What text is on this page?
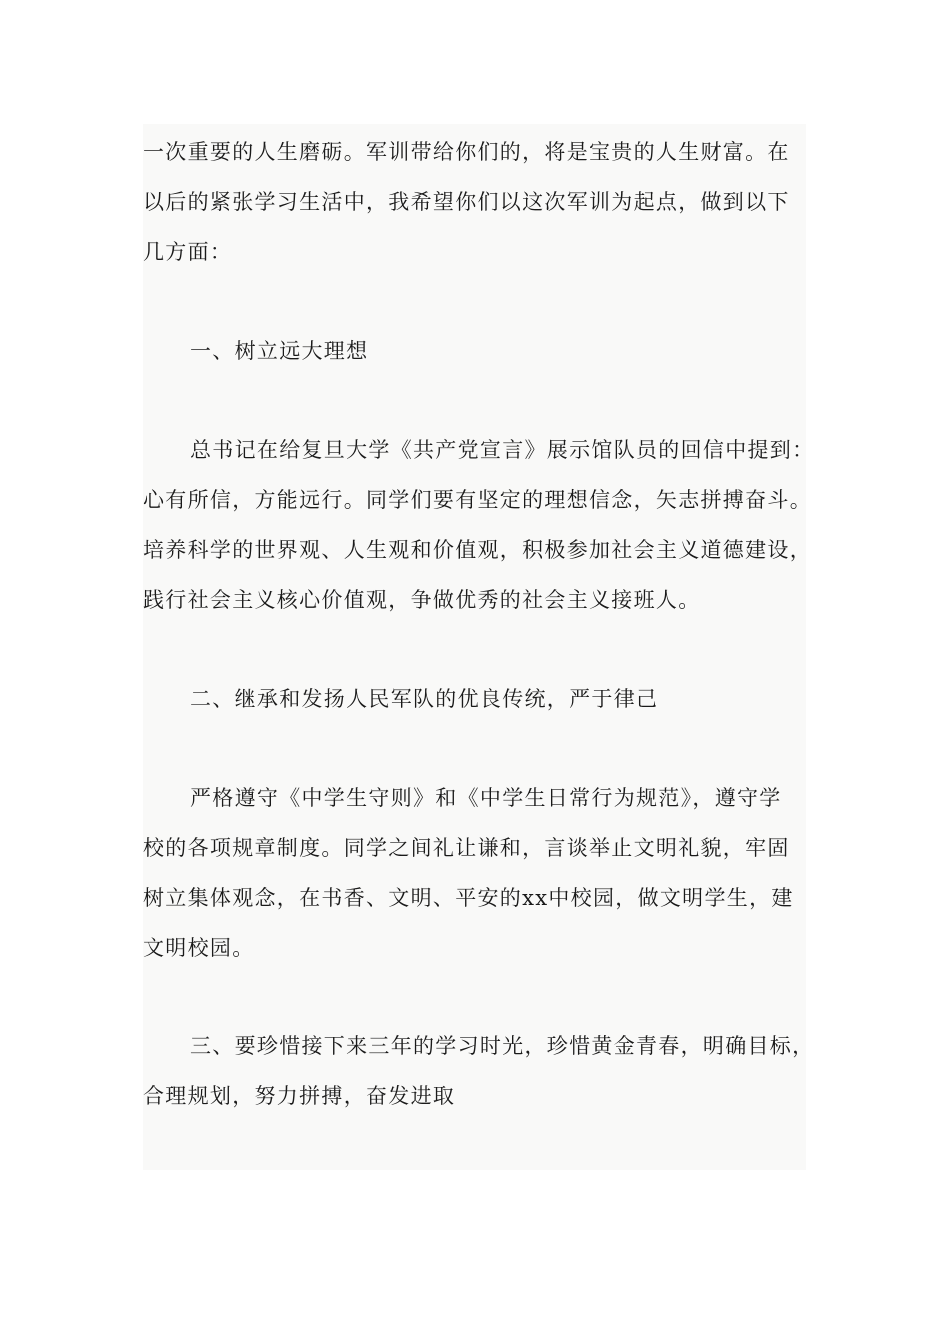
一次重要的人生磨砺。军训带给你们的，将是宝贵的人生财富。在

以后的紧张学习生活中，我希望你们以这次军训为起点，做到以下

几方面：

一、树立远大理想

总书记在给复旦大学《共产党宣言》展示馆队员的回信中提到：

心有所信，方能远行。同学们要有坚定的理想信念，矢志拼搏奋斗。

培养科学的世界观、人生观和价值观，积极参加社会主义道德建设，

践行社会主义核心价值观，争做优秀的社会主义接班人。

二、继承和发扬人民军队的优良传统，严于律己

严格遵守《中学生守则》和《中学生日常行为规范》，遵守学

校的各项规章制度。同学之间礼让谦和，言谈举止文明礼貌，牢固

树立集体观念，在书香、文明、平安的xx中校园，做文明学生，建

文明校园。

三、要珍惜接下来三年的学习时光，珍惜黄金青春，明确目标，

合理规划，努力拼搏，奋发进取
